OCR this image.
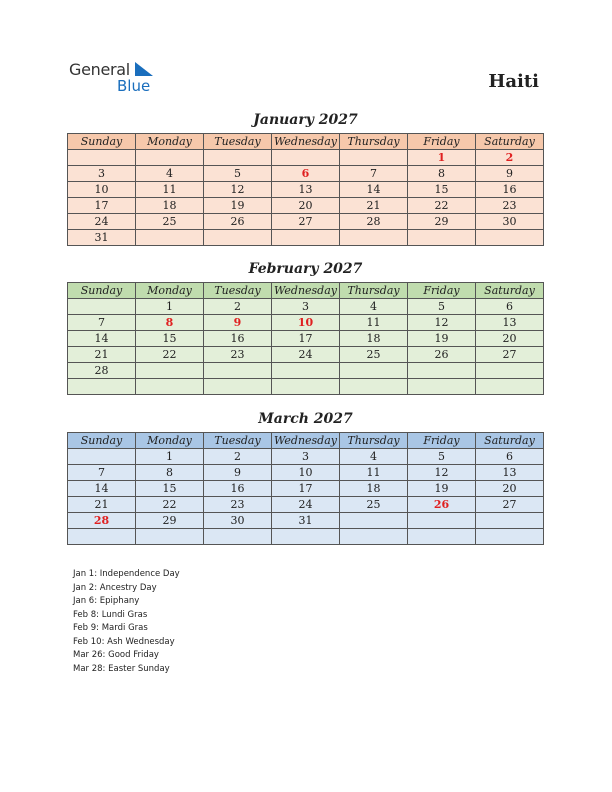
General
Blue	Haiti
January 2027
Sunday	Monday	Tuesday	Wednesday	Thursday	Friday	Saturday
					1	2
3	4	5	6	7	8	9
10	11	12	13	14	15	16
17	18	19	20	21	22	23
24	25	26	27	28	29	30
31						
February 2027
Sunday	Monday	Tuesday	Wednesday	Thursday	Friday	Saturday
	1	2	3	4	5	6
7	8	9	10	11	12	13
14	15	16	17	18	19	20
21	22	23	24	25	26	27
28						

March 2027
Sunday	Monday	Tuesday	Wednesday	Thursday	Friday	Saturday
	1	2	3	4	5	6
7	8	9	10	11	12	13
14	15	16	17	18	19	20
21	22	23	24	25	26	27
28	29	30	31			

Jan 1: Independence Day
Jan 2: Ancestry Day
Jan 6: Epiphany
Feb 8: Lundi Gras
Feb 9: Mardi Gras
Feb 10: Ash Wednesday
Mar 26: Good Friday
Mar 28: Easter Sunday
